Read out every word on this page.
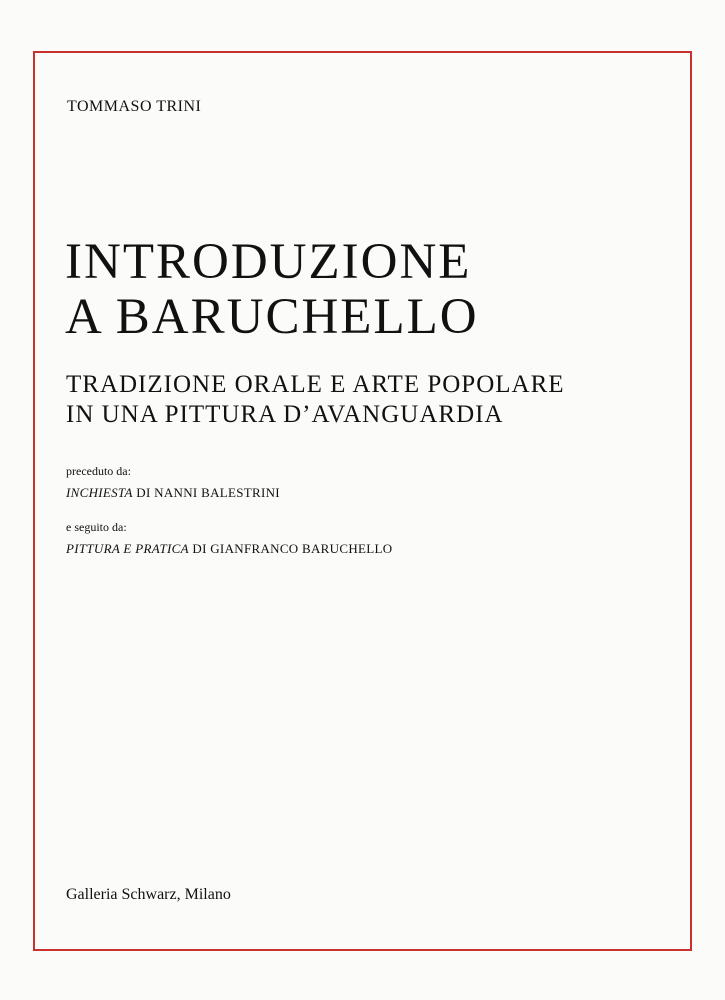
TOMMASO TRINI
INTRODUZIONE
A BARUCHELLO
TRADIZIONE ORALE E ARTE POPOLARE
IN UNA PITTURA D’AVANGUARDIA
preceduto da:
INCHIESTA DI NANNI BALESTRINI
e seguito da:
PITTURA E PRATICA DI GIANFRANCO BARUCHELLO
Galleria Schwarz, Milano
